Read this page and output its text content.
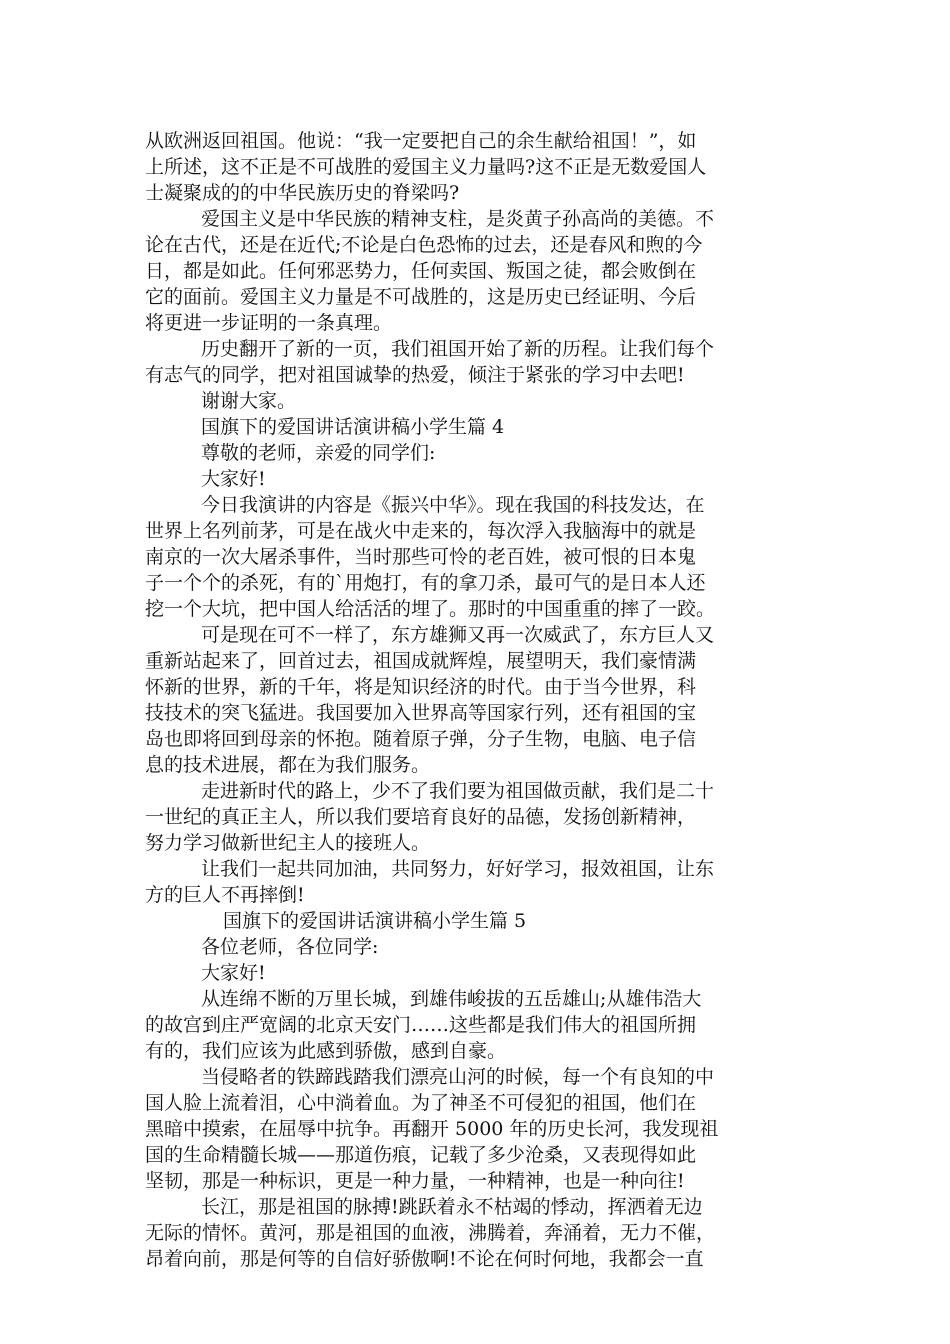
从欧洲返回祖国。他说：“我一定要把自己的余生献给祖国！”，如
上所述，这不正是不可战胜的爱国主义力量吗?这不正是无数爱国人
士凝聚成的的中华民族历史的脊梁吗?
爱国主义是中华民族的精神支柱，是炎黄子孙高尚的美德。不
论在古代，还是在近代;不论是白色恐怖的过去，还是春风和煦的今
日，都是如此。任何邪恶势力，任何卖国、叛国之徒，都会败倒在
它的面前。爱国主义力量是不可战胜的，这是历史已经证明、今后
将更进一步证明的一条真理。
历史翻开了新的一页，我们祖国开始了新的历程。让我们每个
有志气的同学，把对祖国诚挚的热爱，倾注于紧张的学习中去吧!
谢谢大家。
国旗下的爱国讲话演讲稿小学生篇 4
尊敬的老师，亲爱的同学们:
大家好!
今日我演讲的内容是《振兴中华》。现在我国的科技发达，在
世界上名列前茅，可是在战火中走来的，每次浮入我脑海中的就是
南京的一次大屠杀事件，当时那些可怜的老百姓，被可恨的日本鬼
子一个个的杀死，有的`用炮打，有的拿刀杀，最可气的是日本人还
挖一个大坑，把中国人给活活的埋了。那时的中国重重的摔了一跤。
可是现在可不一样了，东方雄狮又再一次威武了，东方巨人又
重新站起来了，回首过去，祖国成就辉煌，展望明天，我们豪情满
怀新的世界，新的千年，将是知识经济的时代。由于当今世界，科
技技术的突飞猛进。我国要加入世界高等国家行列，还有祖国的宝
岛也即将回到母亲的怀抱。随着原子弹，分子生物，电脑、电子信
息的技术进展，都在为我们服务。
走进新时代的路上，少不了我们要为祖国做贡献，我们是二十
一世纪的真正主人，所以我们要培育良好的品德，发扬创新精神，
努力学习做新世纪主人的接班人。
让我们一起共同加油，共同努力，好好学习，报效祖国，让东
方的巨人不再摔倒!
国旗下的爱国讲话演讲稿小学生篇 5
各位老师，各位同学:
大家好!
从连绵不断的万里长城，到雄伟峻拔的五岳雄山;从雄伟浩大
的故宫到庄严宽阔的北京天安门……这些都是我们伟大的祖国所拥
有的，我们应该为此感到骄傲，感到自豪。
当侵略者的铁蹄践踏我们漂亮山河的时候，每一个有良知的中
国人脸上流着泪，心中淌着血。为了神圣不可侵犯的祖国，他们在
黑暗中摸索，在屈辱中抗争。再翻开 5000 年的历史长河，我发现祖
国的生命精髓长城——那道伤痕，记载了多少沧桑，又表现得如此
坚韧，那是一种标识，更是一种力量，一种精神，也是一种向往!
长江，那是祖国的脉搏!跳跃着永不枯竭的悸动，挥洒着无边
无际的情怀。黄河，那是祖国的血液，沸腾着，奔涌着，无力不催，
昂着向前，那是何等的自信好骄傲啊!不论在何时何地，我都会一直
